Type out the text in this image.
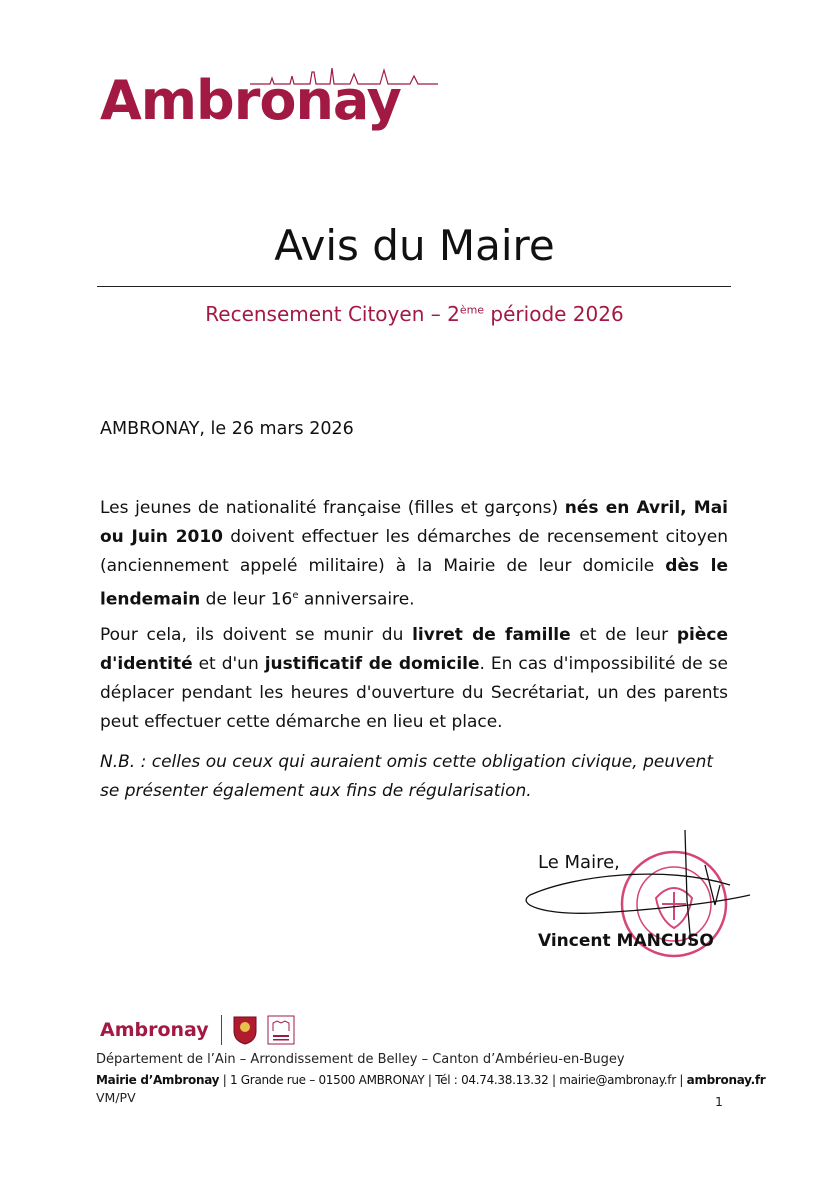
Ambronay
Avis du Maire
Recensement Citoyen – 2ème période 2026
AMBRONAY, le 26 mars 2026
Les jeunes de nationalité française (filles et garçons) nés en Avril, Mai ou Juin 2010 doivent effectuer les démarches de recensement citoyen (anciennement appelé militaire) à la Mairie de leur domicile dès le lendemain de leur 16e anniversaire.
Pour cela, ils doivent se munir du livret de famille et de leur pièce d'identité et d'un justificatif de domicile. En cas d'impossibilité de se déplacer pendant les heures d'ouverture du Secrétariat, un des parents peut effectuer cette démarche en lieu et place.
N.B. : celles ou ceux qui auraient omis cette obligation civique, peuvent se présenter également aux fins de régularisation.
Le Maire,
Vincent MANCUSO
Ambronay
Département de l’Ain – Arrondissement de Belley – Canton d’Ambérieu-en-Bugey
Mairie d’Ambronay | 1 Grande rue – 01500 AMBRONAY | Tél : 04.74.38.13.32 | mairie@ambronay.fr | ambronay.fr
VM/PV	1
